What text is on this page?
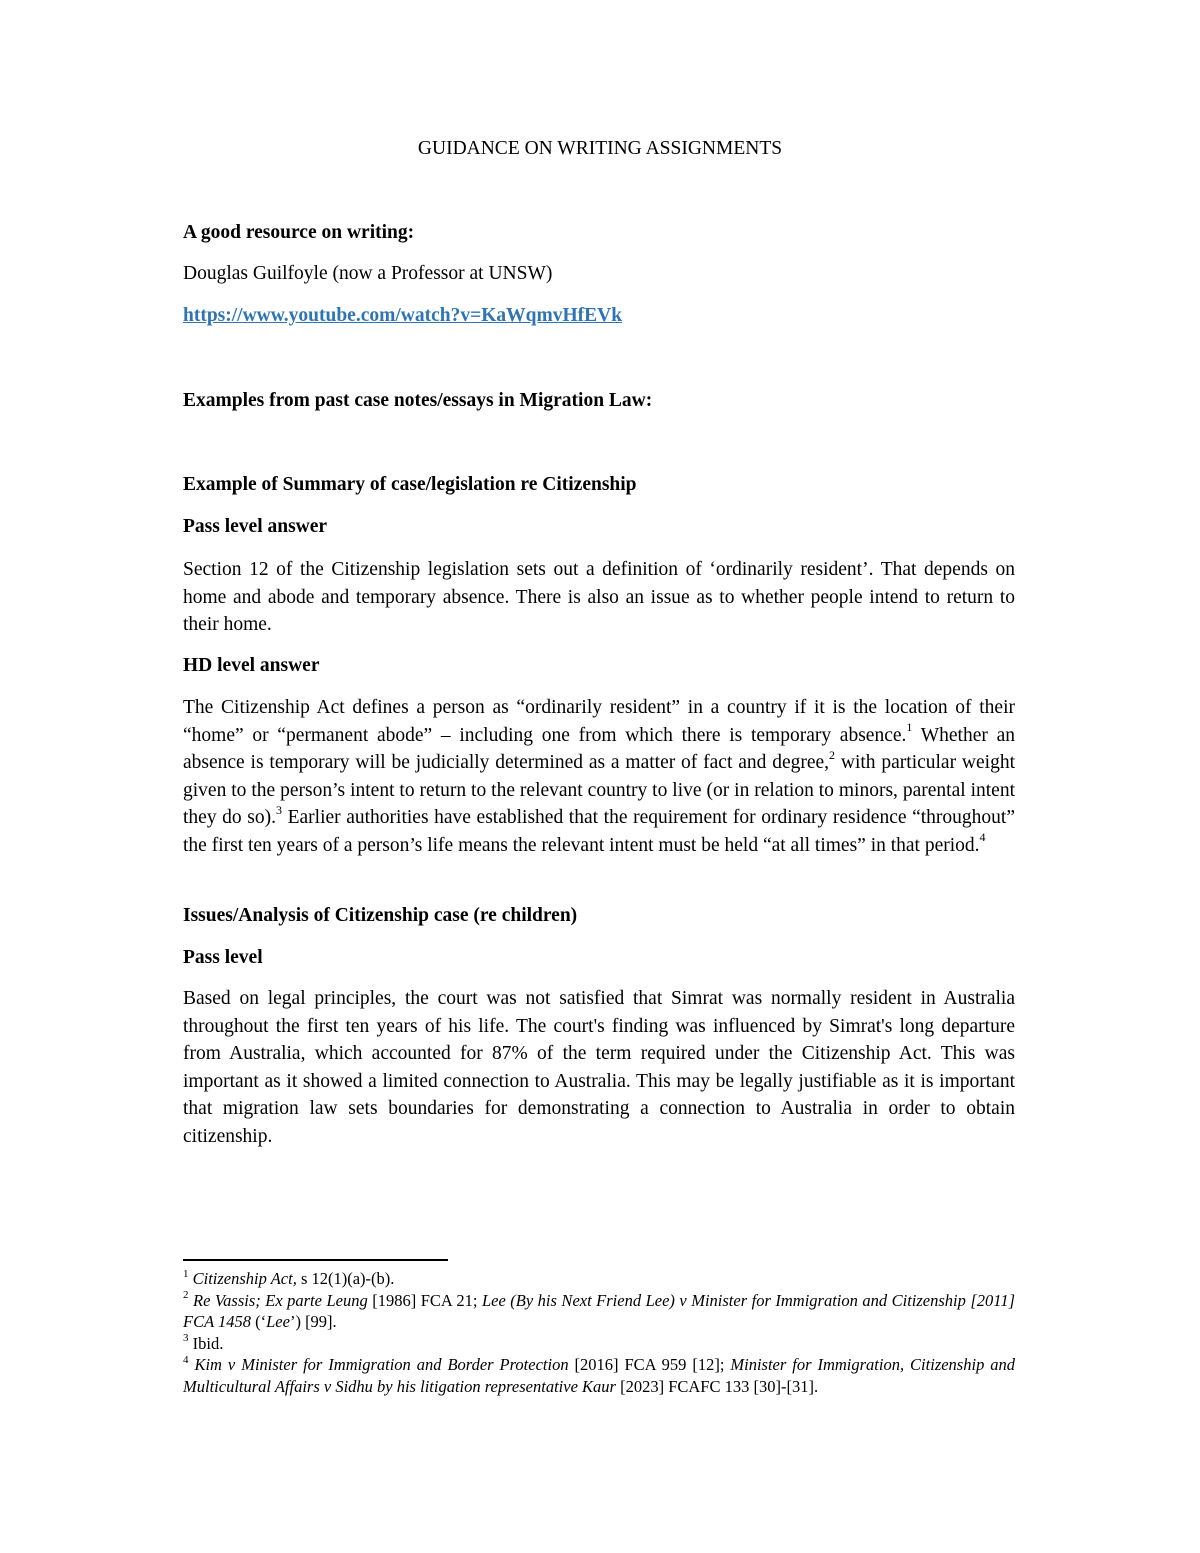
GUIDANCE ON WRITING ASSIGNMENTS

A good resource on writing:

Douglas Guilfoyle (now a Professor at UNSW)

https://www.youtube.com/watch?v=KaWqmvHfEVk

Examples from past case notes/essays in Migration Law:

Example of Summary of case/legislation re Citizenship

Pass level answer

Section 12 of the Citizenship legislation sets out a definition of ‘ordinarily resident’. That depends on home and abode and temporary absence. There is also an issue as to whether people intend to return to their home.

HD level answer

The Citizenship Act defines a person as “ordinarily resident” in a country if it is the location of their “home” or “permanent abode” – including one from which there is temporary absence.$^1$ Whether an absence is temporary will be judicially determined as a matter of fact and degree,$^2$ with particular weight given to the person’s intent to return to the relevant country to live (or in relation to minors, parental intent they do so).$^3$ Earlier authorities have established that the requirement for ordinary residence “throughout” the first ten years of a person’s life means the relevant intent must be held “at all times” in that period.$^4$

Issues/Analysis of Citizenship case (re children)

Pass level

Based on legal principles, the court was not satisfied that Simrat was normally resident in Australia throughout the first ten years of his life. The court's finding was influenced by Simrat's long departure from Australia, which accounted for 87% of the term required under the Citizenship Act. This was important as it showed a limited connection to Australia. This may be legally justifiable as it is important that migration law sets boundaries for demonstrating a connection to Australia in order to obtain citizenship.

$^1$ Citizenship Act, s 12(1)(a)-(b).

$^2$ Re Vassis; Ex parte Leung [1986] FCA 21; Lee (By his Next Friend Lee) v Minister for Immigration and Citizenship [2011] FCA 1458 (‘Lee’) [99].

$^3$ Ibid.

$^4$ Kim v Minister for Immigration and Border Protection [2016] FCA 959 [12]; Minister for Immigration, Citizenship and Multicultural Affairs v Sidhu by his litigation representative Kaur [2023] FCAFC 133 [30]-[31].
